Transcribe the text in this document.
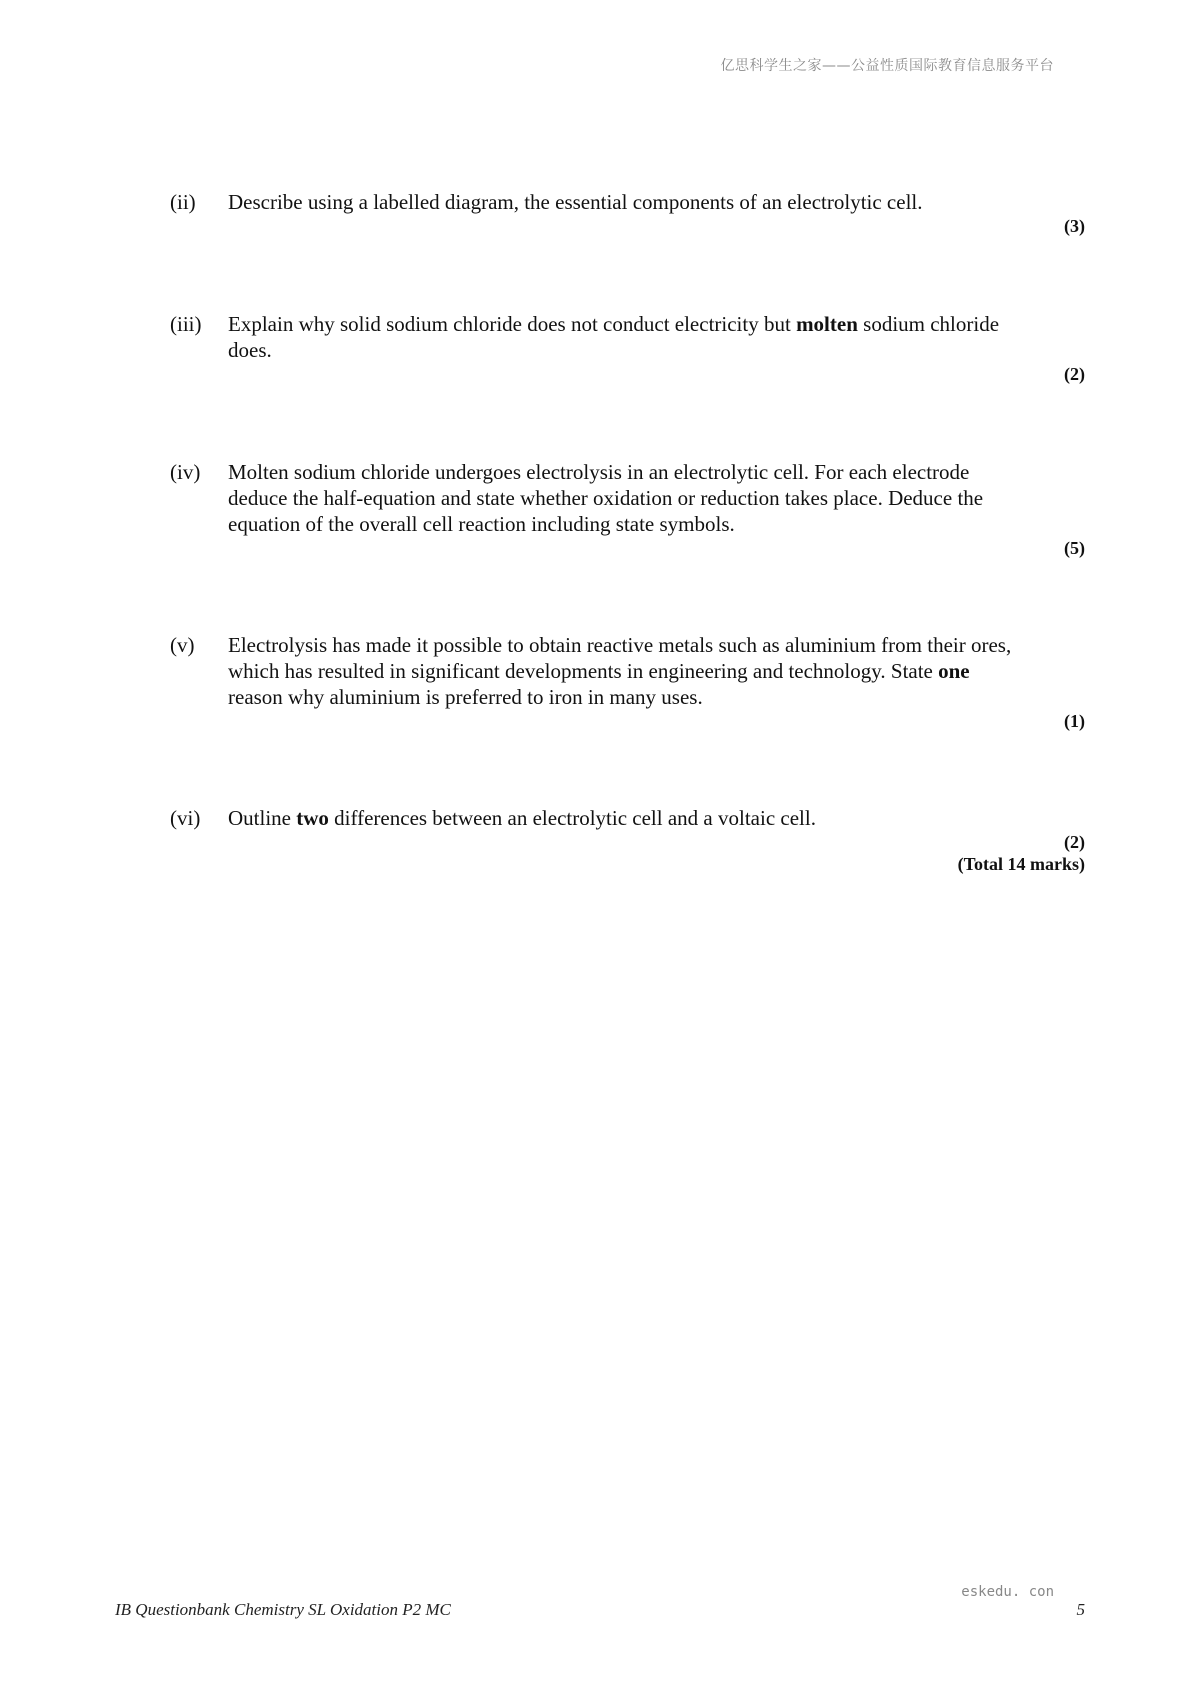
亿思科学生之家——公益性质国际教育信息服务平台
(ii) Describe using a labelled diagram, the essential components of an electrolytic cell.
(3)
(iii) Explain why solid sodium chloride does not conduct electricity but molten sodium chloride does.
(2)
(iv) Molten sodium chloride undergoes electrolysis in an electrolytic cell. For each electrode deduce the half-equation and state whether oxidation or reduction takes place. Deduce the equation of the overall cell reaction including state symbols.
(5)
(v) Electrolysis has made it possible to obtain reactive metals such as aluminium from their ores, which has resulted in significant developments in engineering and technology. State one reason why aluminium is preferred to iron in many uses.
(1)
(vi) Outline two differences between an electrolytic cell and a voltaic cell.
(2)
(Total 14 marks)
eskedu. con
IB Questionbank Chemistry SL Oxidation P2 MC	5
